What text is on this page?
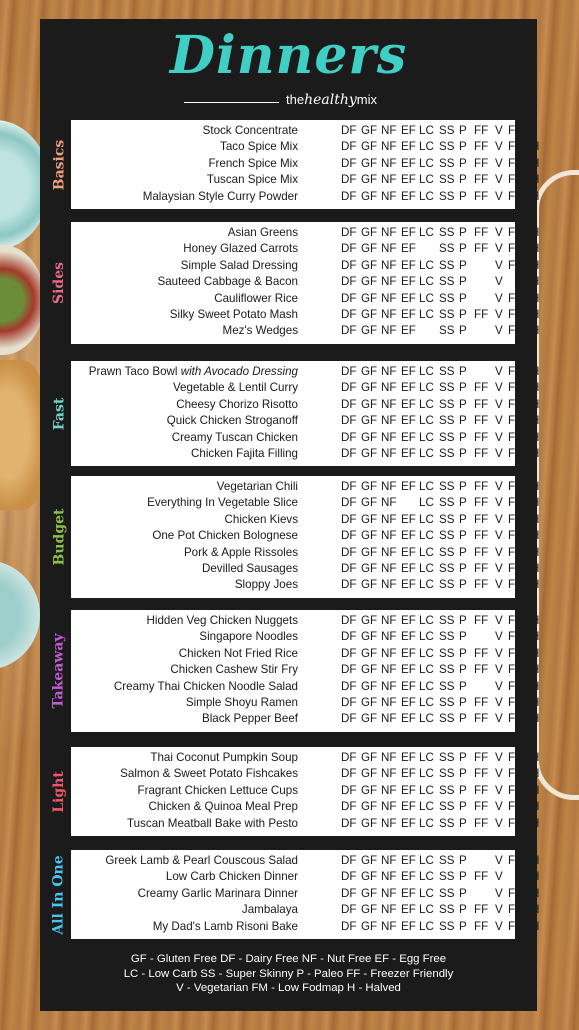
Dinners
thehealthymix
Basics
Stock Concentrate	DF GF NF EF LC SS P FF V FM
Taco Spice Mix	DF GF NF EF LC SS P FF V FM H
French Spice Mix	DF GF NF EF LC SS P FF V FM H
Tuscan Spice Mix	DF GF NF EF LC SS P FF V FM H
Malaysian Style Curry Powder	DF GF NF EF LC SS P FF V FM H
Sides
Asian Greens	DF GF NF EF LC SS P FF V FM H
Honey Glazed Carrots	DF GF NF EF SS P FF V FM H
Simple Salad Dressing	DF GF NF EF LC SS P V FM H
Sauteed Cabbage & Bacon	DF GF NF EF LC SS P V H
Cauliflower Rice	DF GF NF EF LC SS P V FM H
Silky Sweet Potato Mash	DF GF NF EF LC SS P FF V FM H
Mez's Wedges	DF GF NF EF SS P V FM H
Fast
Prawn Taco Bowl with Avocado Dressing	DF GF NF EF LC SS P V FM H
Vegetable & Lentil Curry	DF GF NF EF LC SS P FF V FM H
Cheesy Chorizo Risotto	DF GF NF EF LC SS P FF V FM H
Quick Chicken Stroganoff	DF GF NF EF LC SS P FF V FM H
Creamy Tuscan Chicken	DF GF NF EF LC SS P FF V FM H
Chicken Fajita Filling	DF GF NF EF LC SS P FF V FM H
Budget
Vegetarian Chili	DF GF NF EF LC SS P FF V FM H
Everything In Vegetable Slice	DF GF NF LC SS P FF V FM H
Chicken Kievs	DF GF NF EF LC SS P FF V FM H
One Pot Chicken Bolognese	DF GF NF EF LC SS P FF V FM H
Pork & Apple Rissoles	DF GF NF EF LC SS P FF V FM H
Devilled Sausages	DF GF NF EF LC SS P FF V FM H
Sloppy Joes	DF GF NF EF LC SS P FF V FM H
Takeaway
Hidden Veg Chicken Nuggets	DF GF NF EF LC SS P FF V FM H
Singapore Noodles	DF GF NF EF LC SS P V FM H
Chicken Not Fried Rice	DF GF NF EF LC SS P FF V FM H
Chicken Cashew Stir Fry	DF GF NF EF LC SS P FF V FM H
Creamy Thai Chicken Noodle Salad	DF GF NF EF LC SS P V FM H
Simple Shoyu Ramen	DF GF NF EF LC SS P FF V FM H
Black Pepper Beef	DF GF NF EF LC SS P FF V FM H
Light
Thai Coconut Pumpkin Soup	DF GF NF EF LC SS P FF V FM H
Salmon & Sweet Potato Fishcakes	DF GF NF EF LC SS P FF V FM H
Fragrant Chicken Lettuce Cups	DF GF NF EF LC SS P FF V FM H
Chicken & Quinoa Meal Prep	DF GF NF EF LC SS P FF V FM H
Tuscan Meatball Bake with Pesto	DF GF NF EF LC SS P FF V FM H
All In One	Greek Lamb & Pearl Couscous Salad	DF GF NF EF LC SS P V FM H
Low Carb Chicken Dinner	DF GF NF EF LC SS P FF V H
Creamy Garlic Marinara Dinner	DF GF NF EF LC SS P V FM H
Jambalaya	DF GF NF EF LC SS P FF V FM H
My Dad's Lamb Risoni Bake	DF GF NF EF LC SS P FF V FM H
GF - Gluten Free DF - Dairy Free NF - Nut Free EF - Egg Free
LC - Low Carb SS - Super Skinny P - Paleo FF - Freezer Friendly
V - Vegetarian FM - Low Fodmap H - Halved
